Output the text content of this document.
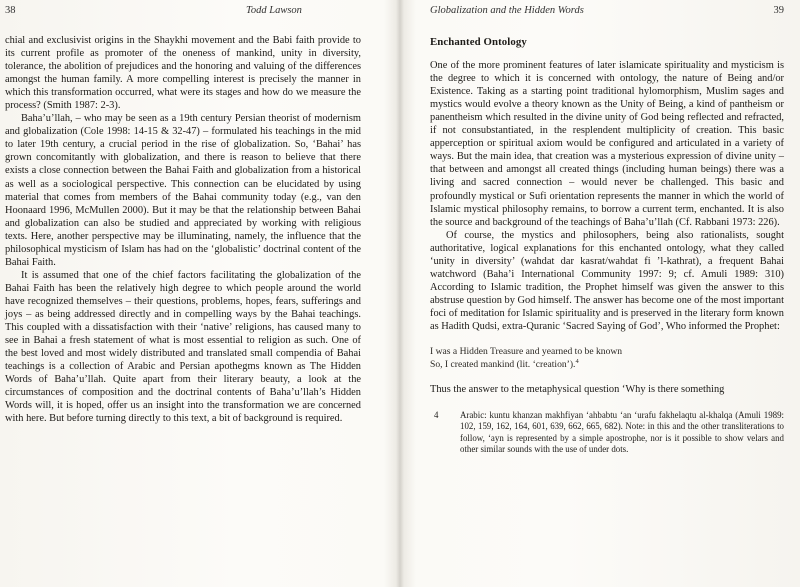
38	Todd Lawson

chial and exclusivist origins in the Shaykhi movement and the Babi faith provide to its current profile as promoter of the oneness of mankind, unity in diversity, tolerance, the abolition of prejudices and the honoring and valuing of the differences amongst the human family. A more compelling interest is precisely the manner in which this transformation occurred, what were its stages and how do we measure the process? (Smith 1987: 2-3).

Baha’u’llah, – who may be seen as a 19th century Persian theorist of modernism and globalization (Cole 1998: 14-15 & 32-47) – formulated his teachings in the mid to later 19th century, a crucial period in the rise of globalization. So, ‘Bahai’ has grown concomitantly with globalization, and there is reason to believe that there exists a close connection between the Bahai Faith and globalization from a historical as well as a sociological perspective. This connection can be elucidated by using material that comes from members of the Bahai community today (e.g., van den Hoonaard 1996, McMullen 2000). But it may be that the relationship between Bahai and globalization can also be studied and appreciated by working with religious texts. Here, another perspective may be illuminating, namely, the influence that the philosophical mysticism of Islam has had on the ‘globalistic’ doctrinal content of the Bahai Faith.

It is assumed that one of the chief factors facilitating the globalization of the Bahai Faith has been the relatively high degree to which people around the world have recognized themselves – their questions, problems, hopes, fears, sufferings and joys – as being addressed directly and in compelling ways by the Bahai teachings. This coupled with a dissatisfaction with their ‘native’ religions, has caused many to see in Bahai a fresh statement of what is most essential to religion as such. One of the best loved and most widely distributed and translated small compendia of Bahai teachings is a collection of Arabic and Persian apothegms known as The Hidden Words of Baha’u’llah. Quite apart from their literary beauty, a look at the circumstances of composition and the doctrinal contents of Baha’u’llah’s Hidden Words will, it is hoped, offer us an insight into the transformation we are concerned with here. But before turning directly to this text, a bit of background is required.

Globalization and the Hidden Words	39
Enchanted Ontology

One of the more prominent features of later islamicate spirituality and mysticism is the degree to which it is concerned with ontology, the nature of Being and/or Existence. Taking as a starting point traditional hylomorphism, Muslim sages and mystics would evolve a theory known as the Unity of Being, a kind of pantheism or panentheism which resulted in the divine unity of God being reflected and refracted, if not consubstantiated, in the resplendent multiplicity of creation. This basic apperception or spiritual axiom would be configured and articulated in a variety of ways. But the main idea, that creation was a mysterious expression of divine unity – that between and amongst all created things (including human beings) there was a living and sacred connection – would never be challenged. This basic and profoundly mystical or Sufi orientation represents the manner in which the world of Islamic mystical philosophy remains, to borrow a current term, enchanted. It is also the source and background of the teachings of Baha’u’llah (Cf. Rabbani 1973: 226).

Of course, the mystics and philosophers, being also rationalists, sought authoritative, logical explanations for this enchanted ontology, what they called ‘unity in diversity’ (wahdat dar kasrat/wahdat fi ’l-kathrat), a frequent Bahai watchword (Baha’i International Community 1997: 9; cf. Amuli 1989: 310) According to Islamic tradition, the Prophet himself was given the answer to this abstruse question by God himself. The answer has become one of the most important foci of meditation for Islamic spirituality and is preserved in the literary form known as Hadith Qudsi, extra-Quranic ‘Sacred Saying of God’, Who informed the Prophet:

I was a Hidden Treasure and yearned to be known
So, I created mankind (lit. ‘creation’).$^4$

Thus the answer to the metaphysical question ‘Why is there something

4 Arabic: kuntu khanzan makhfiyan ‘ahbabtu ‘an ‘urafu fakhelaqtu al-khalqa (Amuli 1989: 102, 159, 162, 164, 601, 639, 662, 665, 682). Note: in this and the other transliterations to follow, ‘ayn is represented by a simple apostrophe, nor is it possible to show velars and other similar sounds with the use of under dots.
